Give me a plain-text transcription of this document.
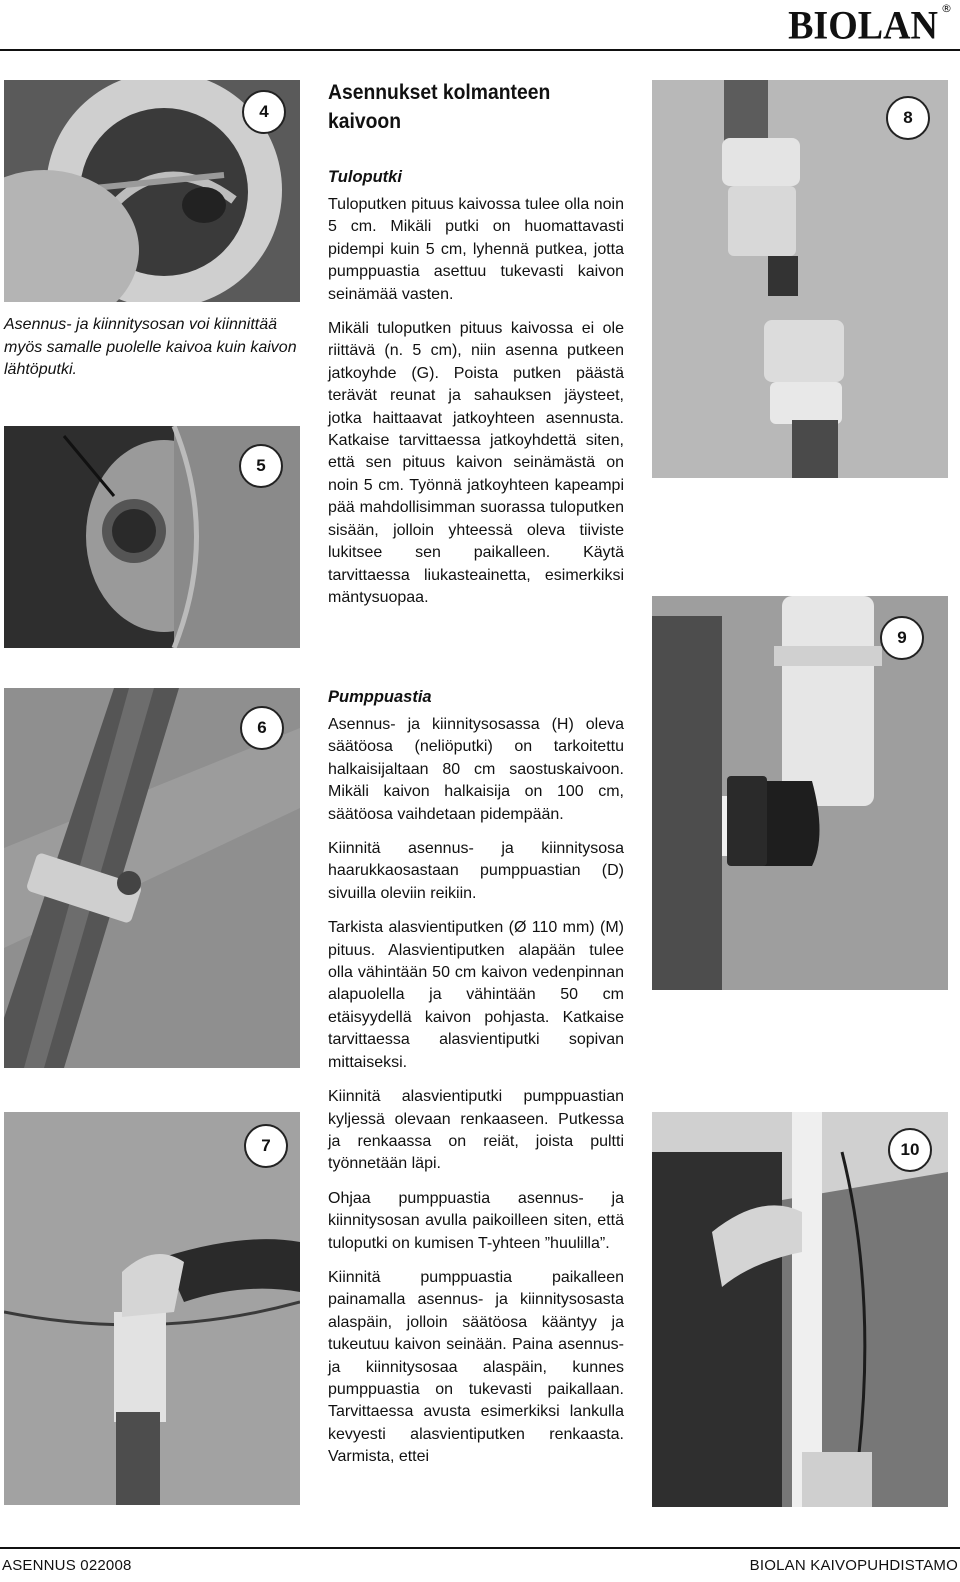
BIOLAN ®
4
Asennus- ja kiinnitysosan voi kiinnittää myös samalle puolelle kaivoa kuin kaivon lähtöputki.
5
6
7
8
9
10
Asennukset kolmanteen
kaivoon
Tuloputki

Tuloputken pituus kaivossa tulee olla noin 5 cm. Mikäli putki on huomattavasti pidempi kuin 5 cm, lyhennä putkea, jotta pumppuastia asettuu tukevasti kaivon seinämää vasten.

Mikäli tuloputken pituus kaivossa ei ole riittävä (n. 5 cm), niin asenna putkeen jatkoyhde (G). Poista putken päästä terävät reunat ja sahauksen jäysteet, jotka haittaavat jatkoyhteen asennusta. Katkaise tarvittaessa jatkoyhdettä siten, että sen pituus kaivon seinämästä on noin 5 cm. Työnnä jatkoyhteen kapeampi pää mahdollisimman suorassa tuloputken sisään, jolloin yhteessä oleva tiiviste lukitsee sen paikalleen. Käytä tarvittaessa liukasteainetta, esimerkiksi mäntysuopaa.

Pumppuastia

Asennus- ja kiinnitysosassa (H) oleva säätöosa (neliöputki) on tarkoitettu halkaisijaltaan 80 cm saostuskaivoon. Mikäli kaivon halkaisija on 100 cm, säätöosa vaihdetaan pidempään.

Kiinnitä asennus- ja kiinnitysosa haarukkaosastaan pumppuastian (D) sivuilla oleviin reikiin.

Tarkista alasvientiputken (Ø 110 mm) (M) pituus. Alasvientiputken alapään tulee olla vähintään 50 cm kaivon vedenpinnan alapuolella ja vähintään 50 cm etäisyydellä kaivon pohjasta. Katkaise tarvittaessa alasvientiputki sopivan mittaiseksi.

Kiinnitä alasvientiputki pumppuastian kyljessä olevaan renkaaseen. Putkessa ja renkaassa on reiät, joista pultti työnnetään läpi.

Ohjaa pumppuastia asennus- ja kiinnitysosan avulla paikoilleen siten, että tuloputki on kumisen T-yhteen ”huulilla”.

Kiinnitä pumppuastia paikalleen painamalla asennus- ja kiinnitysosasta alaspäin, jolloin säätöosa kääntyy ja tukeutuu kaivon seinään. Paina asennus- ja kiinnitysosaa alaspäin, kunnes pumppuastia on tukevasti paikallaan. Tarvittaessa avusta esimerkiksi lankulla kevyesti alasvientiputken renkaasta. Varmista, ettei

ASENNUS 022008	BIOLAN KAIVOPUHDISTAMO
